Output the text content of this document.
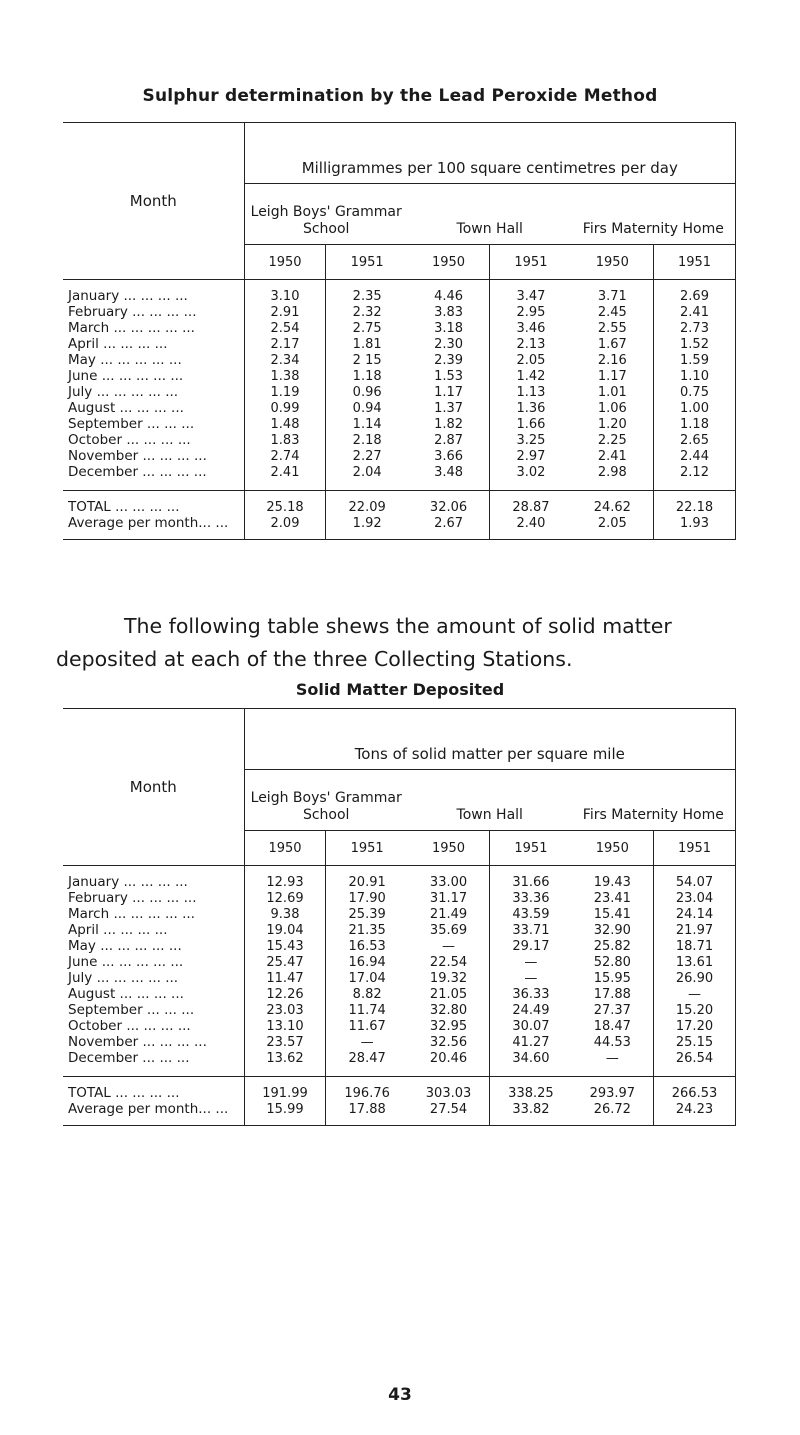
Sulphur determination by the Lead Peroxide Method
Month	Milligrammes per 100 square centimetres per day					
	Leigh Boys' Grammar School		Town Hall		Firs Maternity Home	
	1950	1951	1950	1951	1950	1951
January ... ... ... ...	3.10	2.35	4.46	3.47	3.71	2.69
February ... ... ... ...	2.91	2.32	3.83	2.95	2.45	2.41
March ... ... ... ... ...	2.54	2.75	3.18	3.46	2.55	2.73
April ... ... ... ...	2.17	1.81	2.30	2.13	1.67	1.52
May ... ... ... ... ...	2.34	2 15	2.39	2.05	2.16	1.59
June ... ... ... ... ...	1.38	1.18	1.53	1.42	1.17	1.10
July ... ... ... ... ...	1.19	0.96	1.17	1.13	1.01	0.75
August ... ... ... ...	0.99	0.94	1.37	1.36	1.06	1.00
September ... ... ...	1.48	1.14	1.82	1.66	1.20	1.18
October ... ... ... ...	1.83	2.18	2.87	3.25	2.25	2.65
November ... ... ... ...	2.74	2.27	3.66	2.97	2.41	2.44
December ... ... ... ...	2.41	2.04	3.48	3.02	2.98	2.12
TOTAL ... ... ... ...	25.18	22.09	32.06	28.87	24.62	22.18
Average per month... ...	2.09	1.92	2.67	2.40	2.05	1.93
The following table shews the amount of solid matter deposited at each of the three Collecting Stations.
Solid Matter Deposited
Month	Tons of solid matter per square mile					
	Leigh Boys' Grammar School		Town Hall		Firs Maternity Home	
	1950	1951	1950	1951	1950	1951
January ... ... ... ...	12.93	20.91	33.00	31.66	19.43	54.07
February ... ... ... ...	12.69	17.90	31.17	33.36	23.41	23.04
March ... ... ... ... ...	9.38	25.39	21.49	43.59	15.41	24.14
April ... ... ... ...	19.04	21.35	35.69	33.71	32.90	21.97
May ... ... ... ... ...	15.43	16.53	—	29.17	25.82	18.71
June ... ... ... ... ...	25.47	16.94	22.54	—	52.80	13.61
July ... ... ... ... ...	11.47	17.04	19.32	—	15.95	26.90
August ... ... ... ...	12.26	8.82	21.05	36.33	17.88	—
September ... ... ...	23.03	11.74	32.80	24.49	27.37	15.20
October ... ... ... ...	13.10	11.67	32.95	30.07	18.47	17.20
November ... ... ... ...	23.57	—	32.56	41.27	44.53	25.15
December ... ... ...	13.62	28.47	20.46	34.60	—	26.54
TOTAL ... ... ... ...	191.99	196.76	303.03	338.25	293.97	266.53
Average per month... ...	15.99	17.88	27.54	33.82	26.72	24.23
43
